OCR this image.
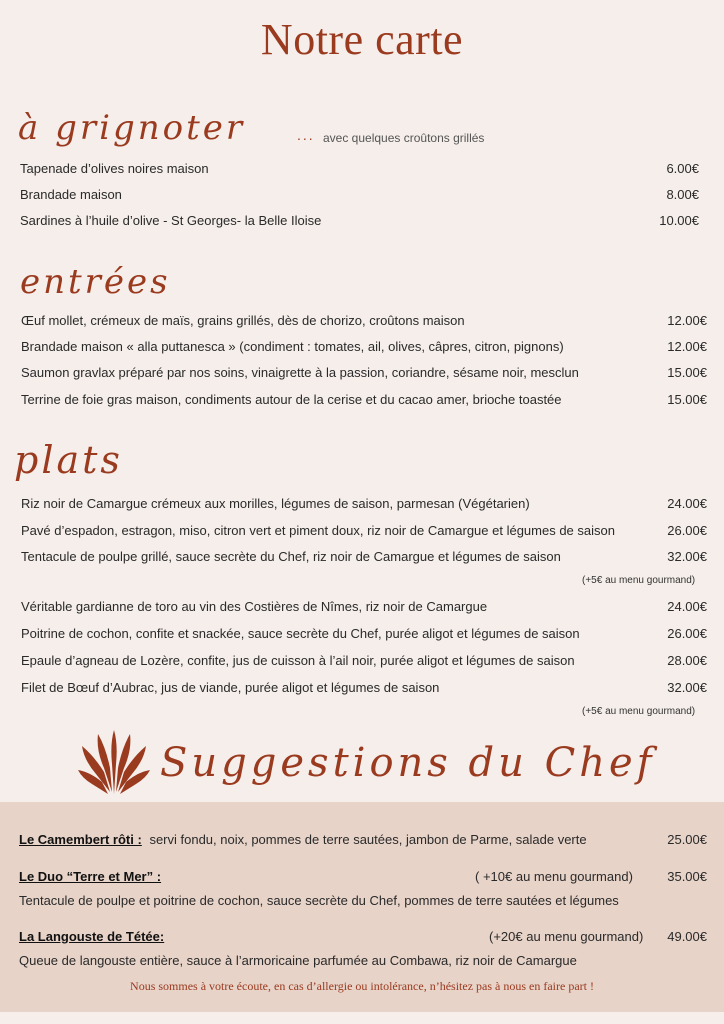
Notre carte
à grignoter	... avec quelques croûtons grillés
Tapenade d’olives noires maison	6.00€
Brandade maison	8.00€
Sardines à l’huile d’olive - St Georges- la Belle Iloise	10.00€
entrées
Œuf mollet, crémeux de maïs, grains grillés, dès de chorizo, croûtons maison	12.00€
Brandade maison « alla puttanesca » (condiment : tomates, ail, olives, câpres, citron, pignons)	12.00€
Saumon gravlax préparé par nos soins, vinaigrette à la passion, coriandre, sésame noir, mesclun	15.00€
Terrine de foie gras maison, condiments autour de la cerise et du cacao amer, brioche toastée	15.00€
plats
Riz noir de Camargue crémeux aux morilles, légumes de saison, parmesan (Végétarien)	24.00€
Pavé d’espadon, estragon, miso, citron vert et piment doux, riz noir de Camargue et légumes de saison	26.00€
Tentacule de poulpe grillé, sauce secrète du Chef, riz noir de Camargue et légumes de saison	32.00€
(+5€ au menu gourmand)
Véritable gardianne de toro au vin des Costières de Nîmes, riz noir de Camargue	24.00€
Poitrine de cochon, confite et snackée, sauce secrète du Chef, purée aligot et légumes de saison	26.00€
Epaule d’agneau de Lozère, confite, jus de cuisson à l’ail noir, purée aligot et légumes de saison	28.00€
Filet de Bœuf d’Aubrac, jus de viande, purée aligot et légumes de saison	32.00€
(+5€ au menu gourmand)
Suggestions du Chef
Le Camembert rôti : servi fondu, noix, pommes de terre sautées, jambon de Parme, salade verte	25.00€
Le Duo “Terre et Mer” :	( +10€ au menu gourmand)	35.00€
Tentacule de poulpe et poitrine de cochon, sauce secrète du Chef, pommes de terre sautées et légumes
La Langouste de Tétée:	(+20€ au menu gourmand) 49.00€
Queue de langouste entière, sauce à l’armoricaine parfumée au Combawa, riz noir de Camargue
Nous sommes à votre écoute, en cas d’allergie ou intolérance, n’hésitez pas à nous en faire part !
